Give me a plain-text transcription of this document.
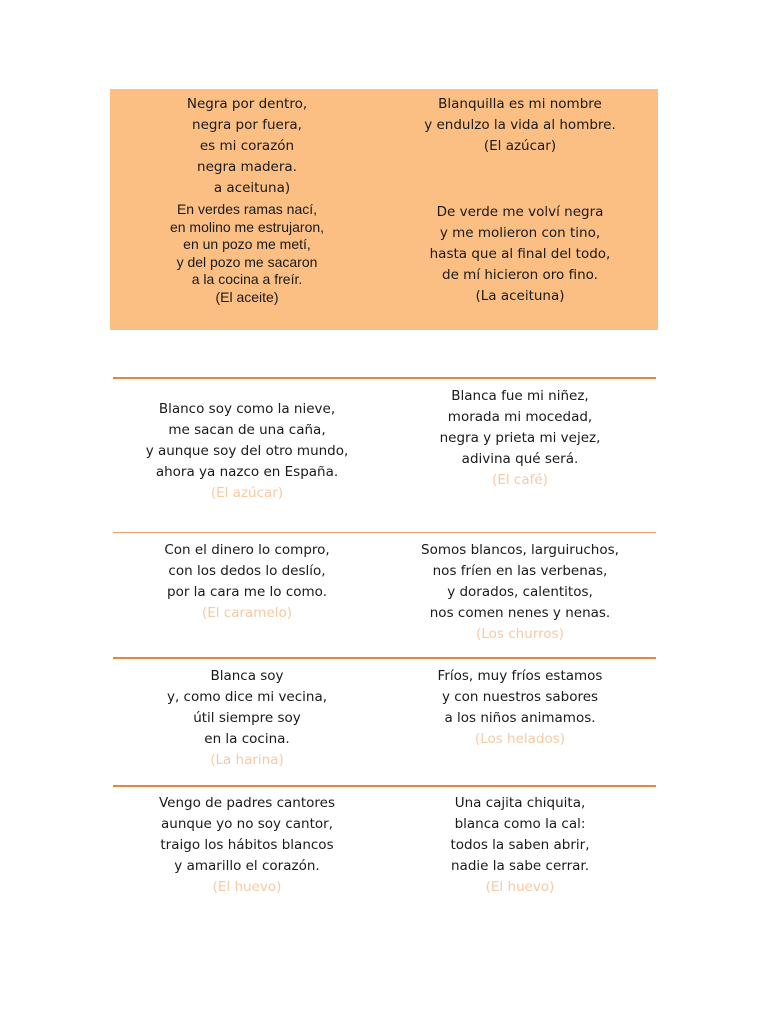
Negra por dentro,
negra por fuera,
es mi corazón
negra madera.
a aceituna)
Blanquilla es mi nombre
y endulzo la vida al hombre.
(El azúcar)
En verdes ramas nací,
en molino me estrujaron,
en un pozo me metí,
y del pozo me sacaron
a la cocina a freír.
(El aceite)
De verde me volví negra
y me molieron con tino,
hasta que al final del todo,
de mí hicieron oro fino.
(La aceituna)
Blanco soy como la nieve,
me sacan de una caña,
y aunque soy del otro mundo,
ahora ya nazco en España.
(El azúcar)
Blanca fue mi niñez,
morada mi mocedad,
negra y prieta mi vejez,
adivina qué será.
(El café)
Con el dinero lo compro,
con los dedos lo deslío,
por la cara me lo como.
(El caramelo)
Somos blancos, larguiruchos,
nos fríen en las verbenas,
y dorados, calentitos,
nos comen nenes y nenas.
(Los churros)
Blanca soy
y, como dice mi vecina,
útil siempre soy
en la cocina.
(La harina)
Fríos, muy fríos estamos
y con nuestros sabores
a los niños animamos.
(Los helados)
Vengo de padres cantores
aunque yo no soy cantor,
traigo los hábitos blancos
y amarillo el corazón.
(El huevo)
Una cajita chiquita,
blanca como la cal:
todos la saben abrir,
nadie la sabe cerrar.
(El huevo)
